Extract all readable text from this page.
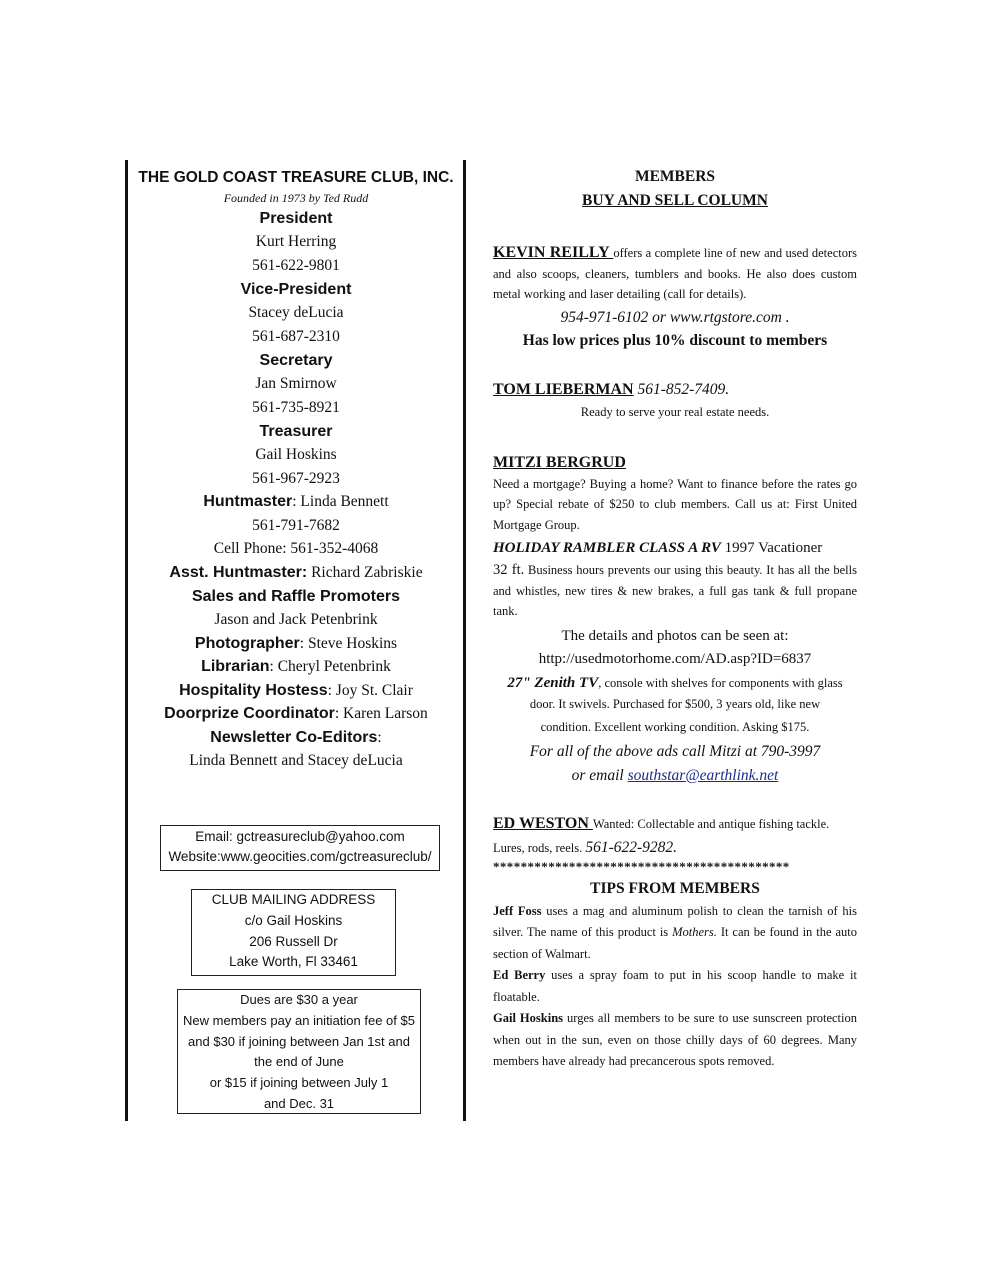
THE GOLD COAST TREASURE CLUB, INC.
Founded in 1973 by Ted Rudd
President
Kurt Herring
561-622-9801
Vice-President
Stacey deLucia
561-687-2310
Secretary
Jan Smirnow
561-735-8921
Treasurer
Gail Hoskins
561-967-2923
Huntmaster: Linda Bennett
561-791-7682
Cell Phone: 561-352-4068
Asst. Huntmaster: Richard Zabriskie
Sales and Raffle Promoters
Jason and Jack Petenbrink
Photographer: Steve Hoskins
Librarian: Cheryl Petenbrink
Hospitality Hostess: Joy St. Clair
Doorprize Coordinator: Karen Larson
Newsletter Co-Editors:
Linda Bennett and Stacey deLucia
Email: gctreasureclub@yahoo.com
Website:www.geocities.com/gctreasureclub/
CLUB MAILING ADDRESS
c/o Gail Hoskins
206 Russell Dr
Lake Worth, Fl 33461
Dues are $30 a year
New members pay an initiation fee of $5
and $30 if joining between Jan 1st and
the end of June
or $15 if joining between July 1
and Dec. 31
MEMBERS
BUY AND SELL COLUMN
KEVIN REILLY offers a complete line of new and used detectors and also scoops, cleaners, tumblers and books. He also does custom metal working and laser detailing (call for details).
954-971-6102 or www.rtgstore.com .
Has low prices plus 10% discount to members
TOM LIEBERMAN 561-852-7409.
Ready to serve your real estate needs.
MITZI BERGRUD
Need a mortgage? Buying a home? Want to finance before the rates go up? Special rebate of $250 to club members. Call us at: First United Mortgage Group.
HOLIDAY RAMBLER CLASS A RV 1997 Vacationer
32 ft. Business hours prevents our using this beauty. It has all the bells and whistles, new tires & new brakes, a full gas tank & full propane tank.
The details and photos can be seen at:
http://usedmotorhome.com/AD.asp?ID=6837
27" Zenith TV, console with shelves for components with glass
door. It swivels. Purchased for $500, 3 years old, like new
condition. Excellent working condition. Asking $175.
For all of the above ads call Mitzi at 790-3997
or email southstar@earthlink.net
ED WESTON Wanted: Collectable and antique fishing tackle.
Lures, rods, reels. 561-622-9282.
*******************************************
TIPS FROM MEMBERS
Jeff Foss uses a mag and aluminum polish to clean the tarnish of his silver. The name of this product is Mothers. It can be found in the auto section of Walmart.
Ed Berry uses a spray foam to put in his scoop handle to make it floatable.
Gail Hoskins urges all members to be sure to use sunscreen protection when out in the sun, even on those chilly days of 60 degrees. Many members have already had precancerous spots removed.
